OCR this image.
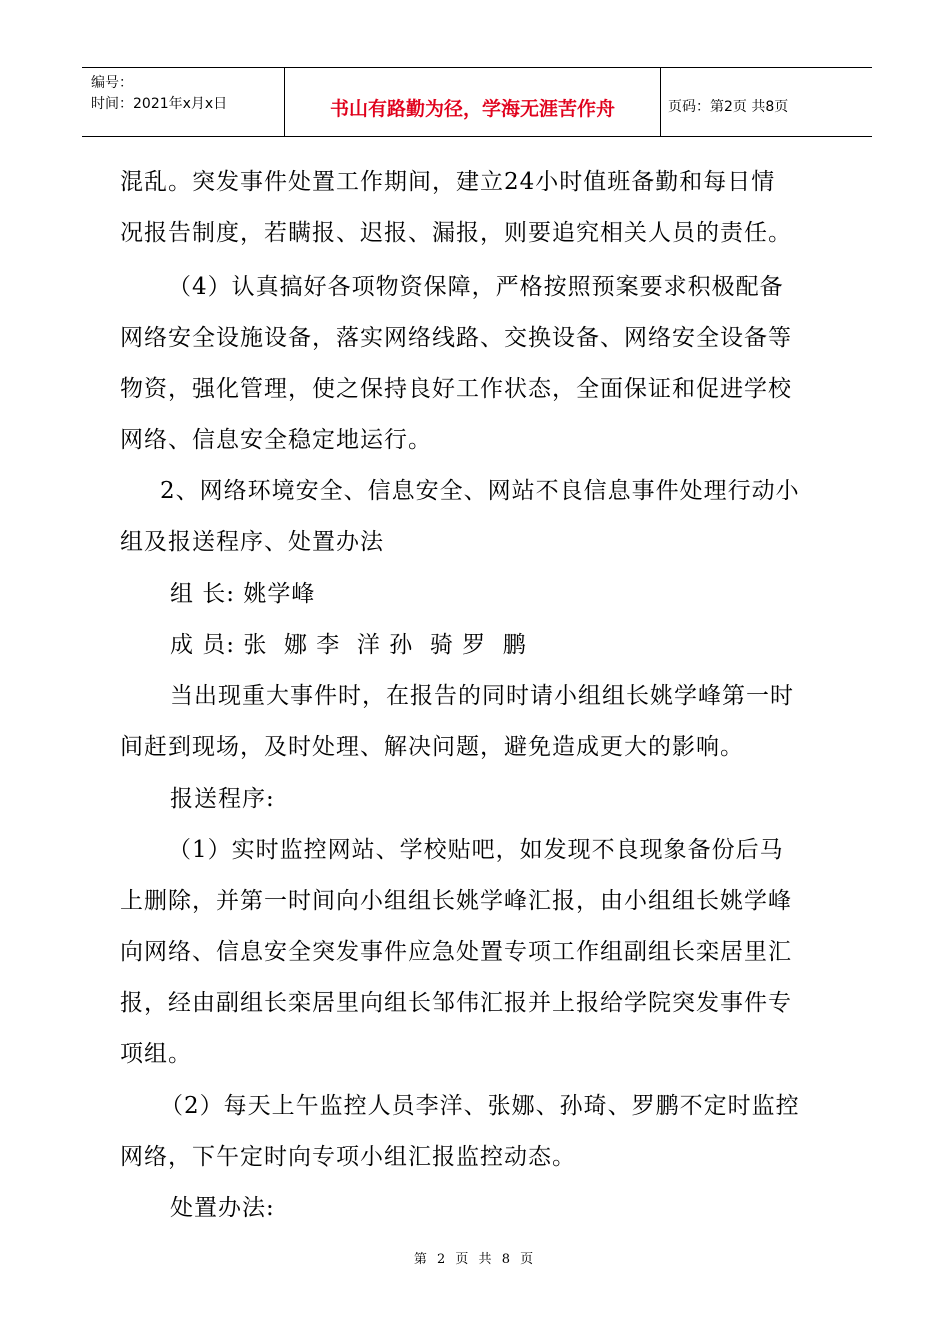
编号：
时间：2021年x月x日	书山有路勤为径，学海无涯苦作舟	页码：第2页 共8页
混乱。突发事件处置工作期间，建立24小时值班备勤和每日情
况报告制度，若瞒报、迟报、漏报，则要追究相关人员的责任。
（4）认真搞好各项物资保障，严格按照预案要求积极配备
网络安全设施设备，落实网络线路、交换设备、网络安全设备等
物资，强化管理，使之保持良好工作状态，全面保证和促进学校
网络、信息安全稳定地运行。
2、网络环境安全、信息安全、网站不良信息事件处理行动小
组及报送程序、处置办法
组 长: 姚学峰
成 员: 张  娜 李  洋 孙  骑 罗  鹏
当出现重大事件时，在报告的同时请小组组长姚学峰第一时
间赶到现场，及时处理、解决问题，避免造成更大的影响。
报送程序:
（1）实时监控网站、学校贴吧，如发现不良现象备份后马
上删除，并第一时间向小组组长姚学峰汇报，由小组组长姚学峰
向网络、信息安全突发事件应急处置专项工作组副组长栾居里汇
报，经由副组长栾居里向组长邹伟汇报并上报给学院突发事件专
项组。
（2）每天上午监控人员李洋、张娜、孙琦、罗鹏不定时监控
网络，下午定时向专项小组汇报监控动态。
处置办法:
第 2 页 共 8 页
